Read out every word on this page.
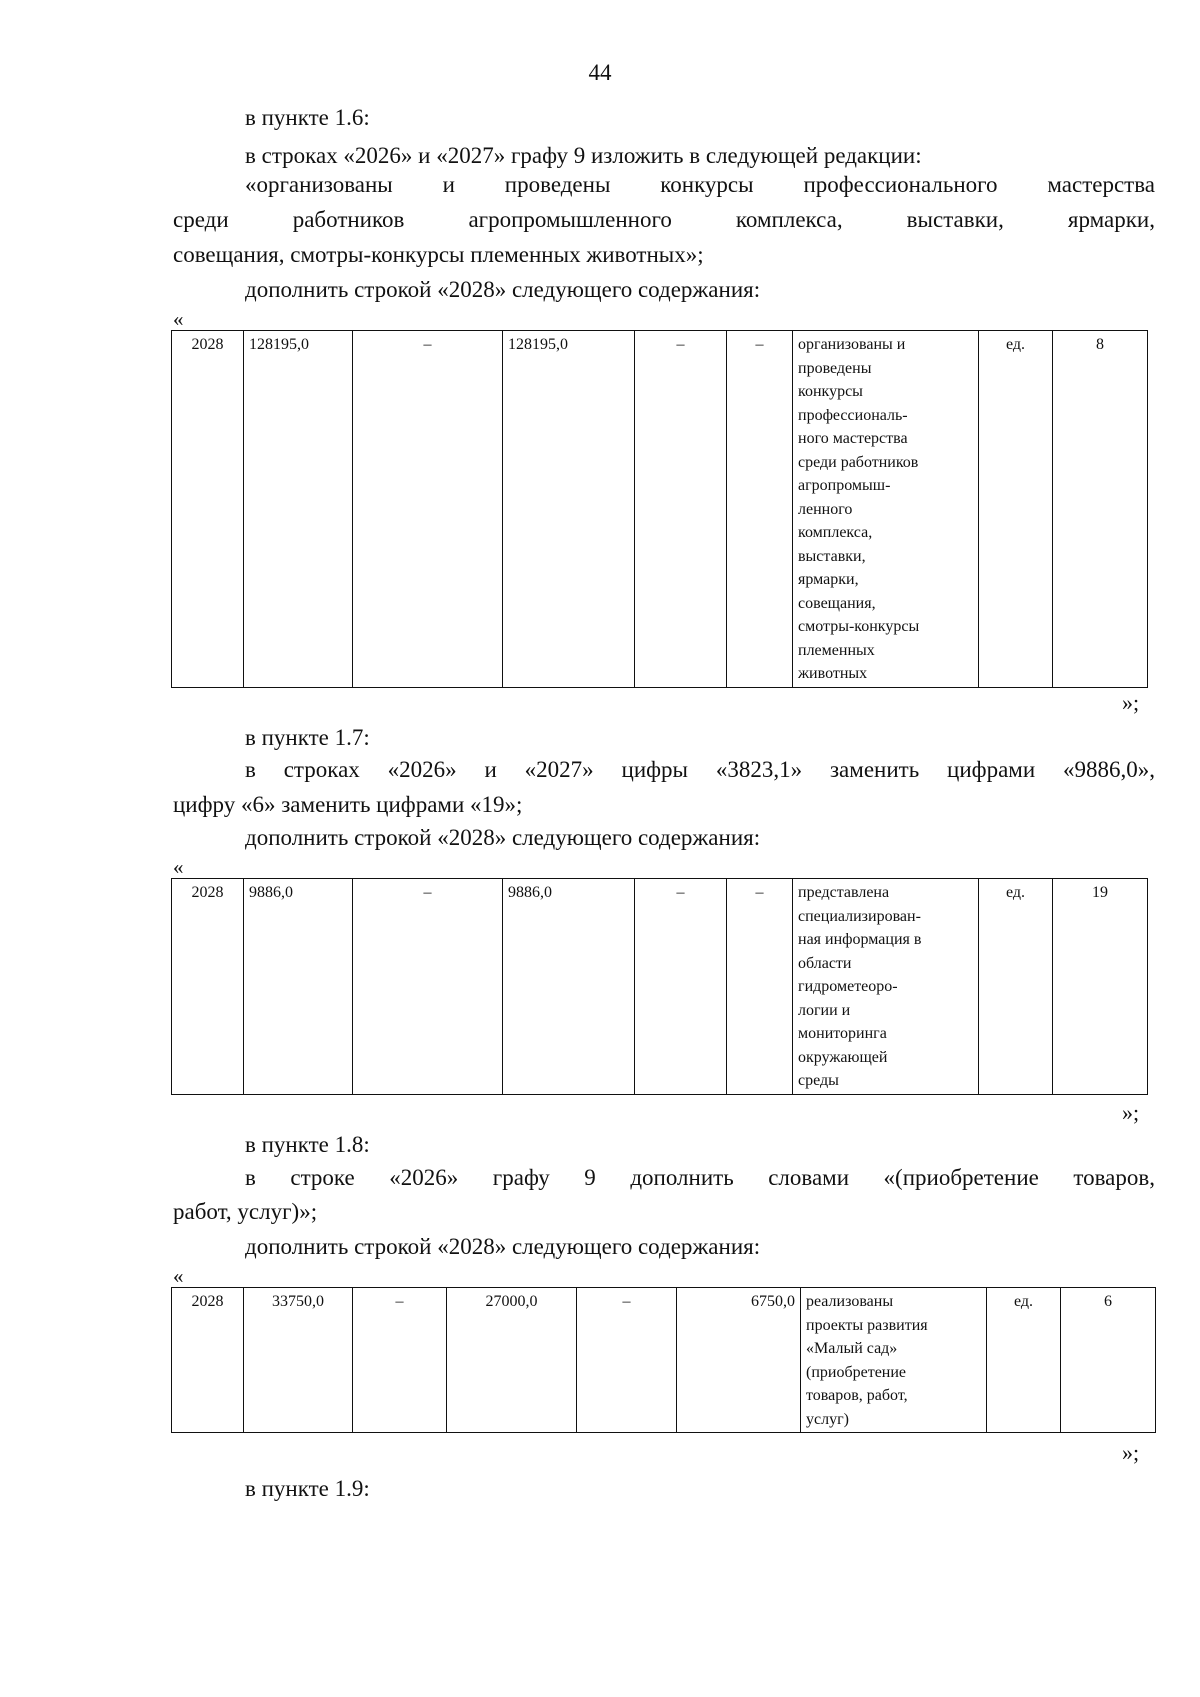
44
в пункте 1.6:
в строках «2026» и «2027» графу 9 изложить в следующей редакции:
«организованы и проведены конкурсы профессионального мастерства
среди работников агропромышленного комплекса, выставки, ярмарки,
совещания, смотры-конкурсы племенных животных»;
дополнить строкой «2028» следующего содержания:
«
2028	128195,0	–	128195,0	–	–	организованы и
проведены
конкурсы
профессиональ-
ного мастерства
среди работников
агропромыш-
ленного
комплекса,
выставки,
ярмарки,
совещания,
смотры-конкурсы
племенных
животных
	ед.	8
»;
в пункте 1.7:
в строках «2026» и «2027» цифры «3823,1» заменить цифрами «9886,0»,
цифру «6» заменить цифрами «19»;
дополнить строкой «2028» следующего содержания:
«
2028	9886,0	–	9886,0	–	–	представлена
специализирован-
ная информация в
области
гидрометеоро-
логии и
мониторинга
окружающей
среды
	ед.	19
»;
в пункте 1.8:
в строке «2026» графу 9 дополнить словами «(приобретение товаров,
работ, услуг)»;
дополнить строкой «2028» следующего содержания:
«
2028	33750,0	–	27000,0	–	6750,0	реализованы
проекты развития
«Малый сад»
(приобретение
товаров, работ,
услуг)
	ед.	6
»;
в пункте 1.9:
